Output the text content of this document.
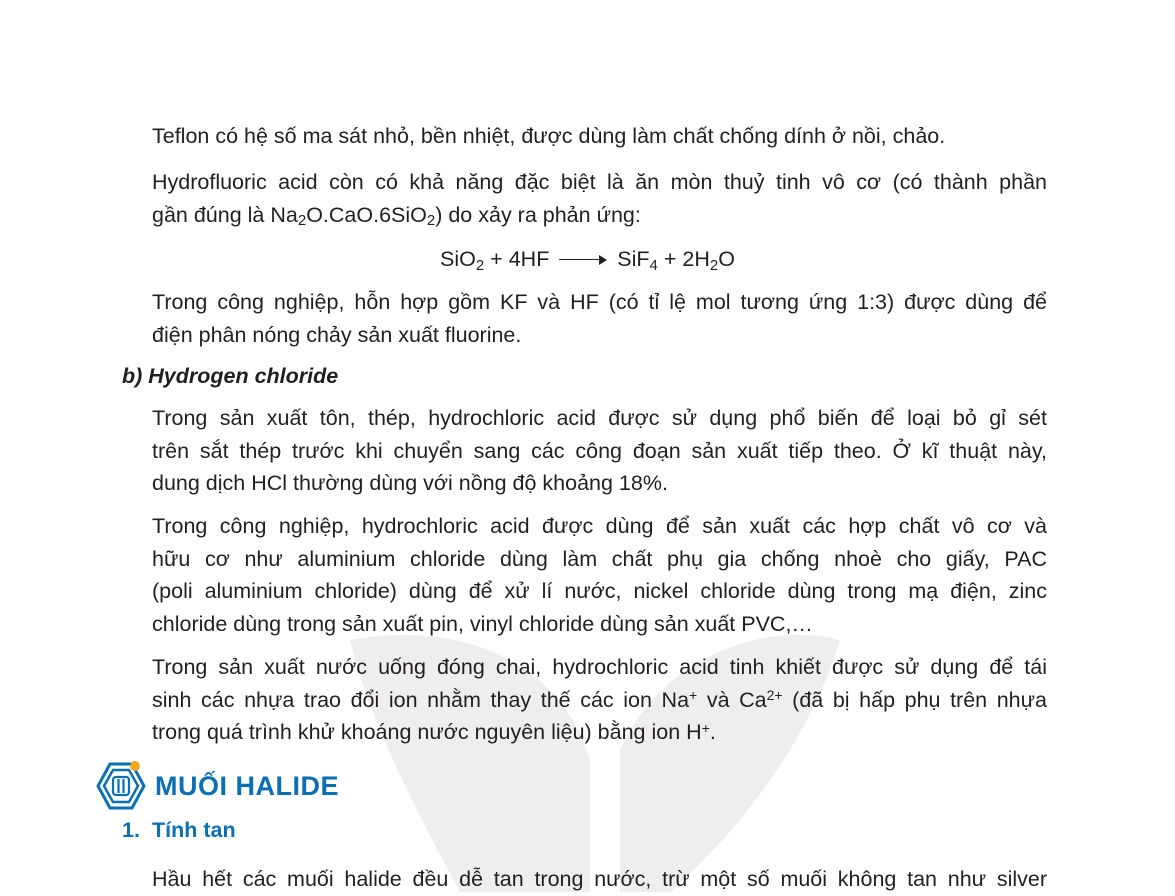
Teflon có hệ số ma sát nhỏ, bền nhiệt, được dùng làm chất chống dính ở nồi, chảo.

Hydrofluoric acid còn có khả năng đặc biệt là ăn mòn thuỷ tinh vô cơ (có thành phần
gần đúng là $Na_2O.CaO.6SiO_2$) do xảy ra phản ứng:

SiO$_2$ + 4HF	$SiF_4 + 2H_2O$

Trong công nghiệp, hỗn hợp gồm KF và HF (có tỉ lệ mol tương ứng 1:3) được dùng để
điện phân nóng chảy sản xuất fluorine.

b) Hydrogen chloride

Trong sản xuất tôn, thép, hydrochloric acid được sử dụng phổ biến để loại bỏ gỉ sét
trên sắt thép trước khi chuyển sang các công đoạn sản xuất tiếp theo. Ở kĩ thuật này,
dung dịch HCl thường dùng với nồng độ khoảng 18%.

Trong công nghiệp, hydrochloric acid được dùng để sản xuất các hợp chất vô cơ và
hữu cơ như aluminium chloride dùng làm chất phụ gia chống nhoè cho giấy, PAC
(poli aluminium chloride) dùng để xử lí nước, nickel chloride dùng trong mạ điện, zinc
chloride dùng trong sản xuất pin, vinyl chloride dùng sản xuất PVC,…

Trong sản xuất nước uống đóng chai, hydrochloric acid tinh khiết được sử dụng để tái
sinh các nhựa trao đổi ion nhằm thay thế các ion Na+ và $Ca^{2+}$ (đã bị hấp phụ trên nhựa
trong quá trình khử khoáng nước nguyên liệu) bằng ion H+.

MUỐI HALIDE
1. Tính tan

Hầu hết các muối halide đều dễ tan trong nước, trừ một số muối không tan như silver
